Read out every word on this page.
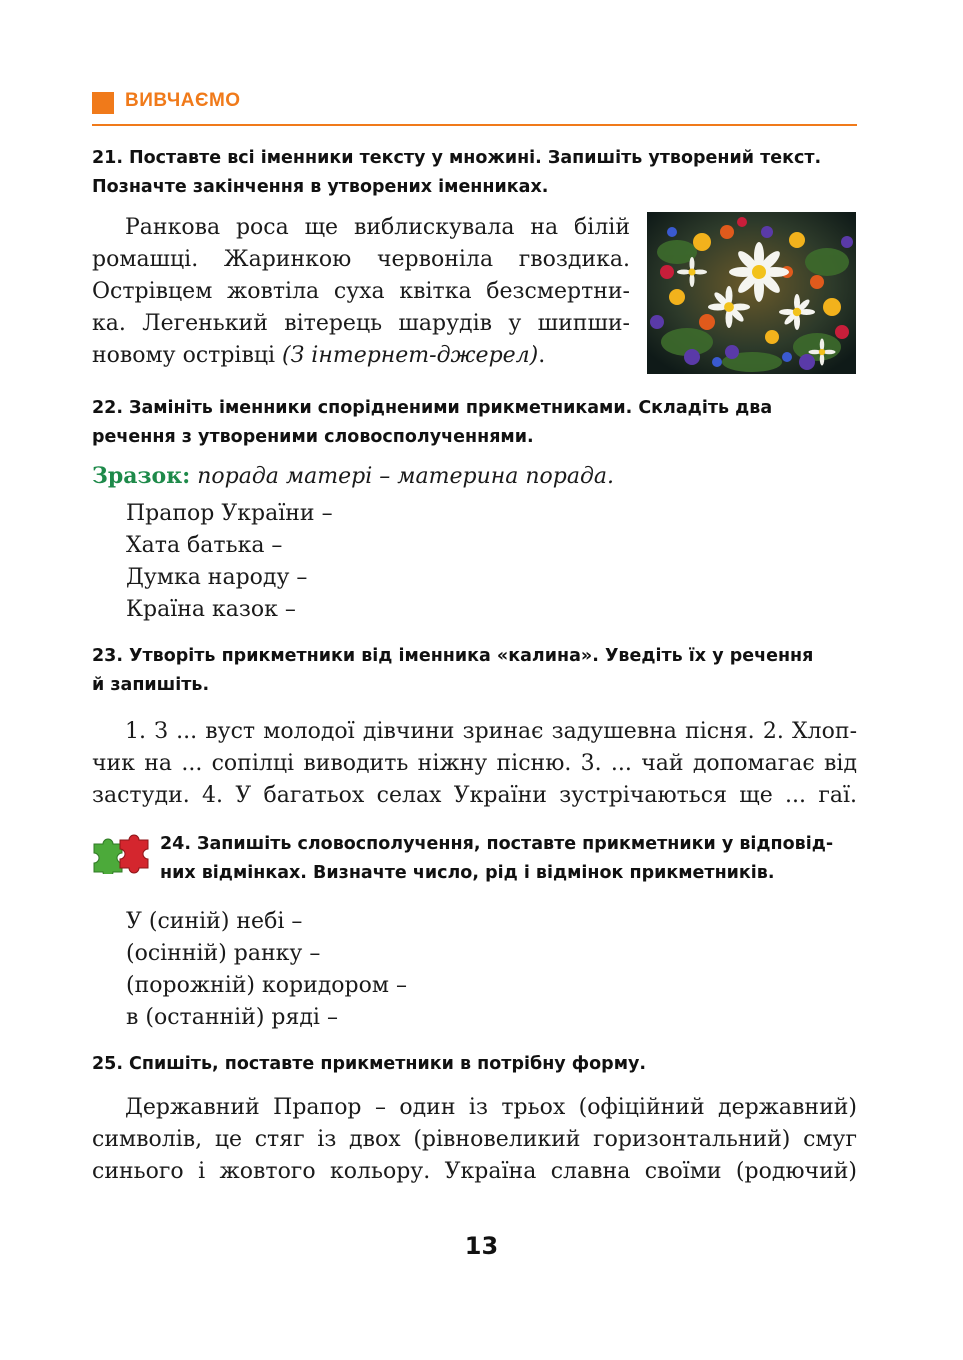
ВИВЧАЄМО
21. Поставте всі іменники тексту у множині. Запишіть утворений текст.
Позначте закінчення в утворених іменниках.
Ранкова роса ще виблискувала на білій
ромашці. Жаринкою червоніла гвоздика.
Острівцем жовтіла суха квітка безсмертни-
ка. Легенький вітерець шарудів у шипши-
новому острівці (З інтернет-джерел).
22. Замініть іменники спорідненими прикметниками. Складіть два
речення з утвореними словосполученнями.
Зразок: порада матері – материна порада.
Прапор України –
Хата батька –
Думка народу –
Країна казок –
23. Утворіть прикметники від іменника «калина». Уведіть їх у речення
й запишіть.
1. З ... вуст молодої дівчини зринає задушевна пісня. 2. Хлоп-
чик на ... сопілці виводить ніжну пісню. 3. ... чай допомагає від
застуди. 4. У багатьох селах України зустрічаються ще ... гаї.
24. Запишіть словосполучення, поставте прикметники у відповід-
них відмінках. Визначте число, рід і відмінок прикметників.
У (синій) небі –
(осінній) ранку –
(порожній) коридором –
в (останній) ряді –
25. Спишіть, поставте прикметники в потрібну форму.
Державний Прапор – один із трьох (офіційний державний)
символів, це стяг із двох (рівновеликий горизонтальний) смуг
синього і жовтого кольору. Україна славна своїми (родючий)
13
